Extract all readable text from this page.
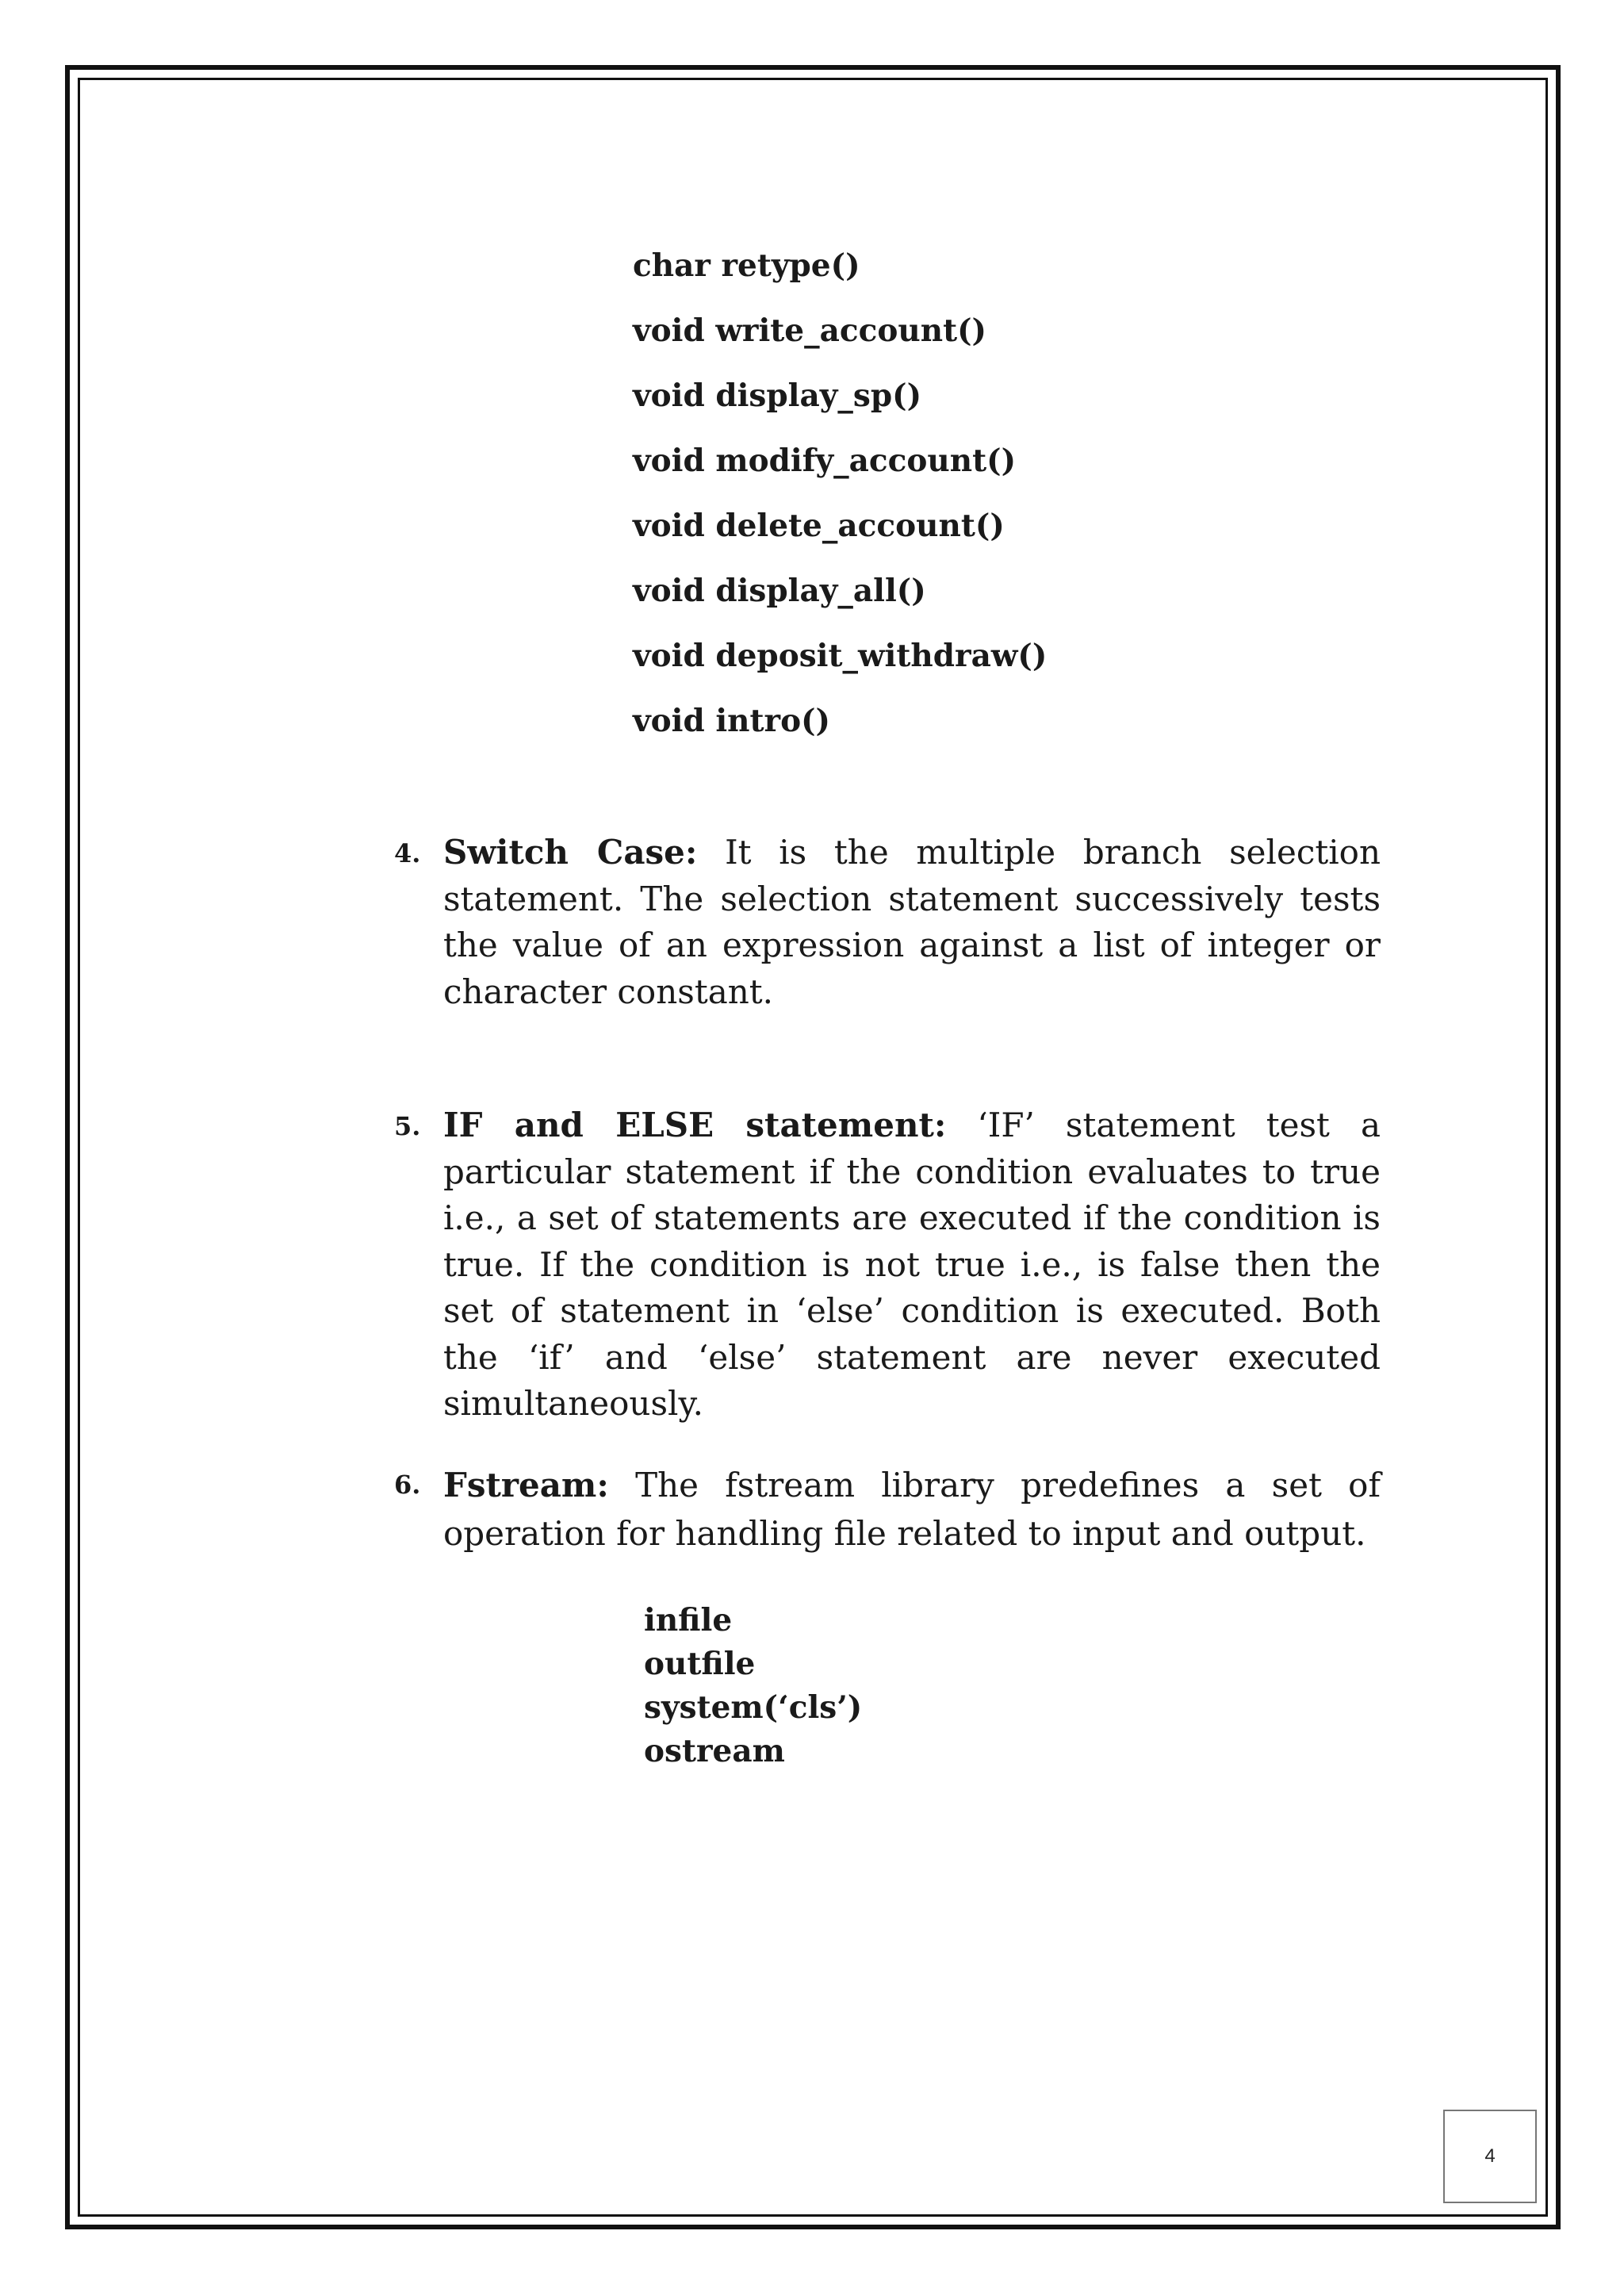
char retype()
void write_account()
void display_sp()
void modify_account()
void delete_account()
void display_all()
void deposit_withdraw()
void intro()
4. Switch Case: It is the multiple branch selection statement. The selection statement successively tests the value of an expression against a list of integer or character constant.
5. IF and ELSE statement: ‘IF’ statement test a particular statement if the condition evaluates to true i.e., a set of statements are executed if the condition is true. If the condition is not true i.e., is false then the set of statement in ‘else’ condition is executed. Both the ‘if’ and ‘else’ statement are never executed simultaneously.
6. Fstream: The fstream library predefines a set of operation for handling file related to input and output.
infile
outfile
system(‘cls’)
ostream
4
